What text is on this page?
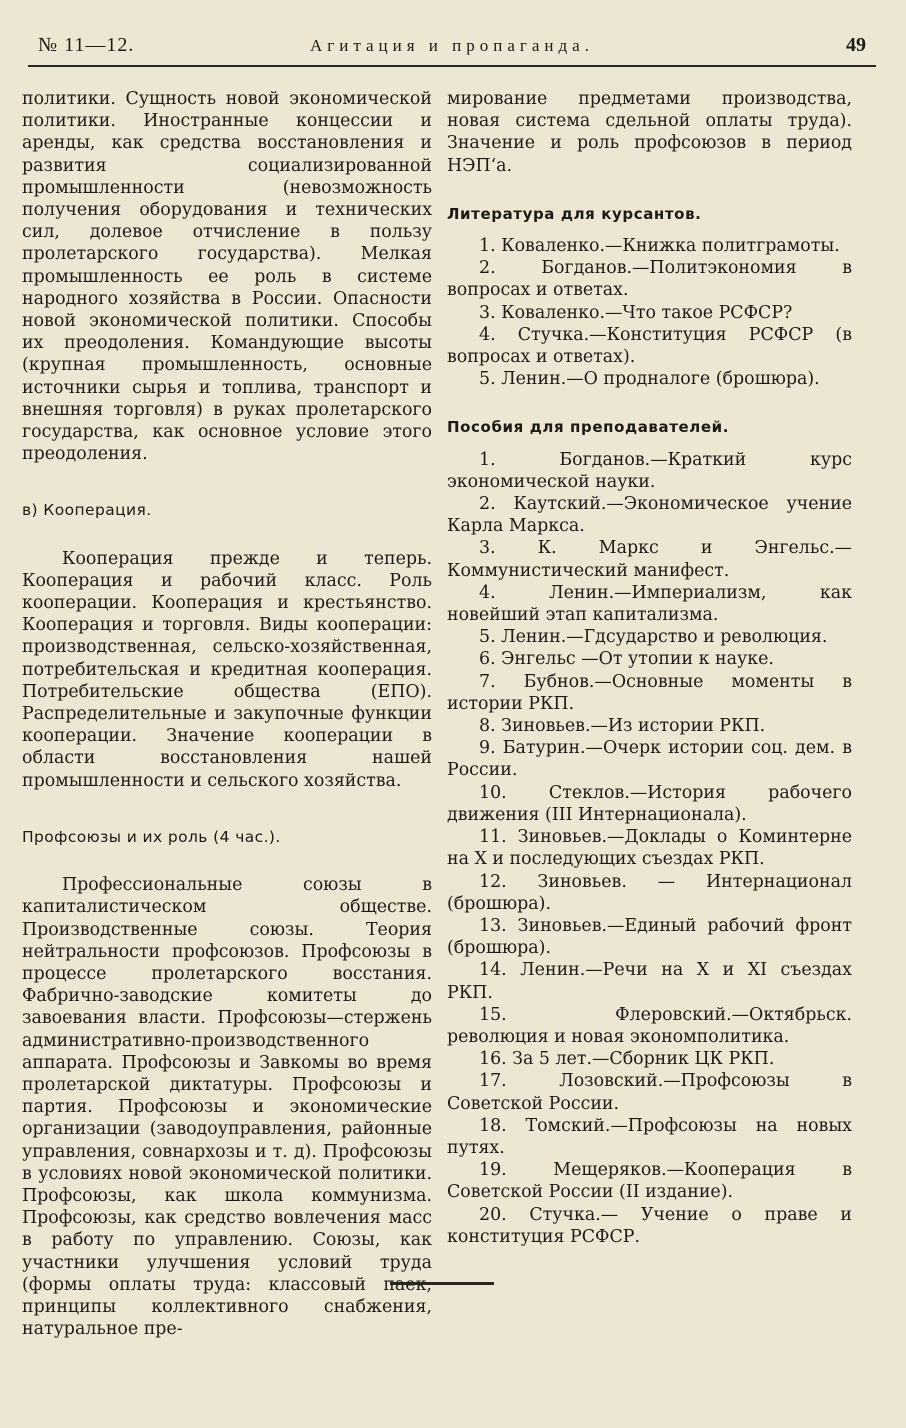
№ 11—12.	Агитация и пропаганда.	49

политики. Сущность новой экономической политики. Иностранные концессии и аренды, как средства восстановления и развития социализированной промышленности (невозможность получения оборудования и технических сил, долевое отчисление в пользу пролетарского государства). Мелкая промышленность ее роль в системе народного хозяйства в России. Опасности новой экономической политики. Способы их преодоления. Командующие высоты (крупная промышленность, основные источники сырья и топлива, транспорт и внешняя торговля) в руках пролетарского государства, как основное условие этого преодоления.

в) Кооперация.

Кооперация прежде и теперь. Кооперация и рабочий класс. Роль кооперации. Кооперация и крестьянство. Кооперация и торговля. Виды кооперации: производственная, сельско-хозяйственная, потребительская и кредитная кооперация. Потребительские общества (ЕПО). Распределительные и закупочные функции кооперации. Значение кооперации в области восстановления нашей промышленности и сельского хозяйства.

Профсоюзы и их роль (4 час.).

Профессиональные союзы в капиталистическом обществе. Производственные союзы. Теория нейтральности профсоюзов. Профсоюзы в процессе пролетарского восстания. Фабрично-заводские комитеты до завоевания власти. Профсоюзы—стержень административно-производственного аппарата. Профсоюзы и Завкомы во время пролетарской диктатуры. Профсоюзы и партия. Профсоюзы и экономические организации (заводоуправления, районные управления, совнархозы и т. д). Профсоюзы в условиях новой экономической политики. Профсоюзы, как школа коммунизма. Профсоюзы, как средство вовлечения масс в работу по управлению. Союзы, как участники улучшения условий труда (формы оплаты труда: классовый паек, принципы коллективного снабжения, натуральное пре-

мирование предметами производства, новая система сдельной оплаты труда). Значение и роль профсоюзов в период НЭП‘а.

Литература для курсантов.

1. Коваленко.—Книжка политграмоты.
2. Богданов.—Политэкономия в вопросах и ответах.
3. Коваленко.—Что такое РСФСР?
4. Стучка.—Конституция РСФСР (в вопросах и ответах).
5. Ленин.—О продналоге (брошюра).

Пособия для преподавателей.

1. Богданов.—Краткий курс экономической науки.
2. Каутский.—Экономическое учение Карла Маркса.
3. К. Маркс и Энгельс.—Коммунистический манифест.
4. Ленин.—Империализм, как новейший этап капитализма.
5. Ленин.—Гдсударство и революция.
6. Энгельс —От утопии к науке.
7. Бубнов.—Основные моменты в истории РКП.
8. Зиновьев.—Из истории РКП.
9. Батурин.—Очерк истории соц. дем. в России.
10. Стеклов.—История рабочего движения (III Интернационала).
11. Зиновьев.—Доклады о Коминтерне на X и последующих съездах РКП.
12. Зиновьев. — Интернационал (брошюра).
13. Зиновьев.—Единый рабочий фронт (брошюра).
14. Ленин.—Речи на X и XI съездах РКП.
15. Флеровский.—Октябрьск. революция и новая экономполитика.
16. За 5 лет.—Сборник ЦК РКП.
17. Лозовский.—Профсоюзы в Советской России.
18. Томский.—Профсоюзы на новых путях.
19. Мещеряков.—Кооперация в Советской России (II издание).
20. Стучка.— Учение о праве и конституция РСФСР.
